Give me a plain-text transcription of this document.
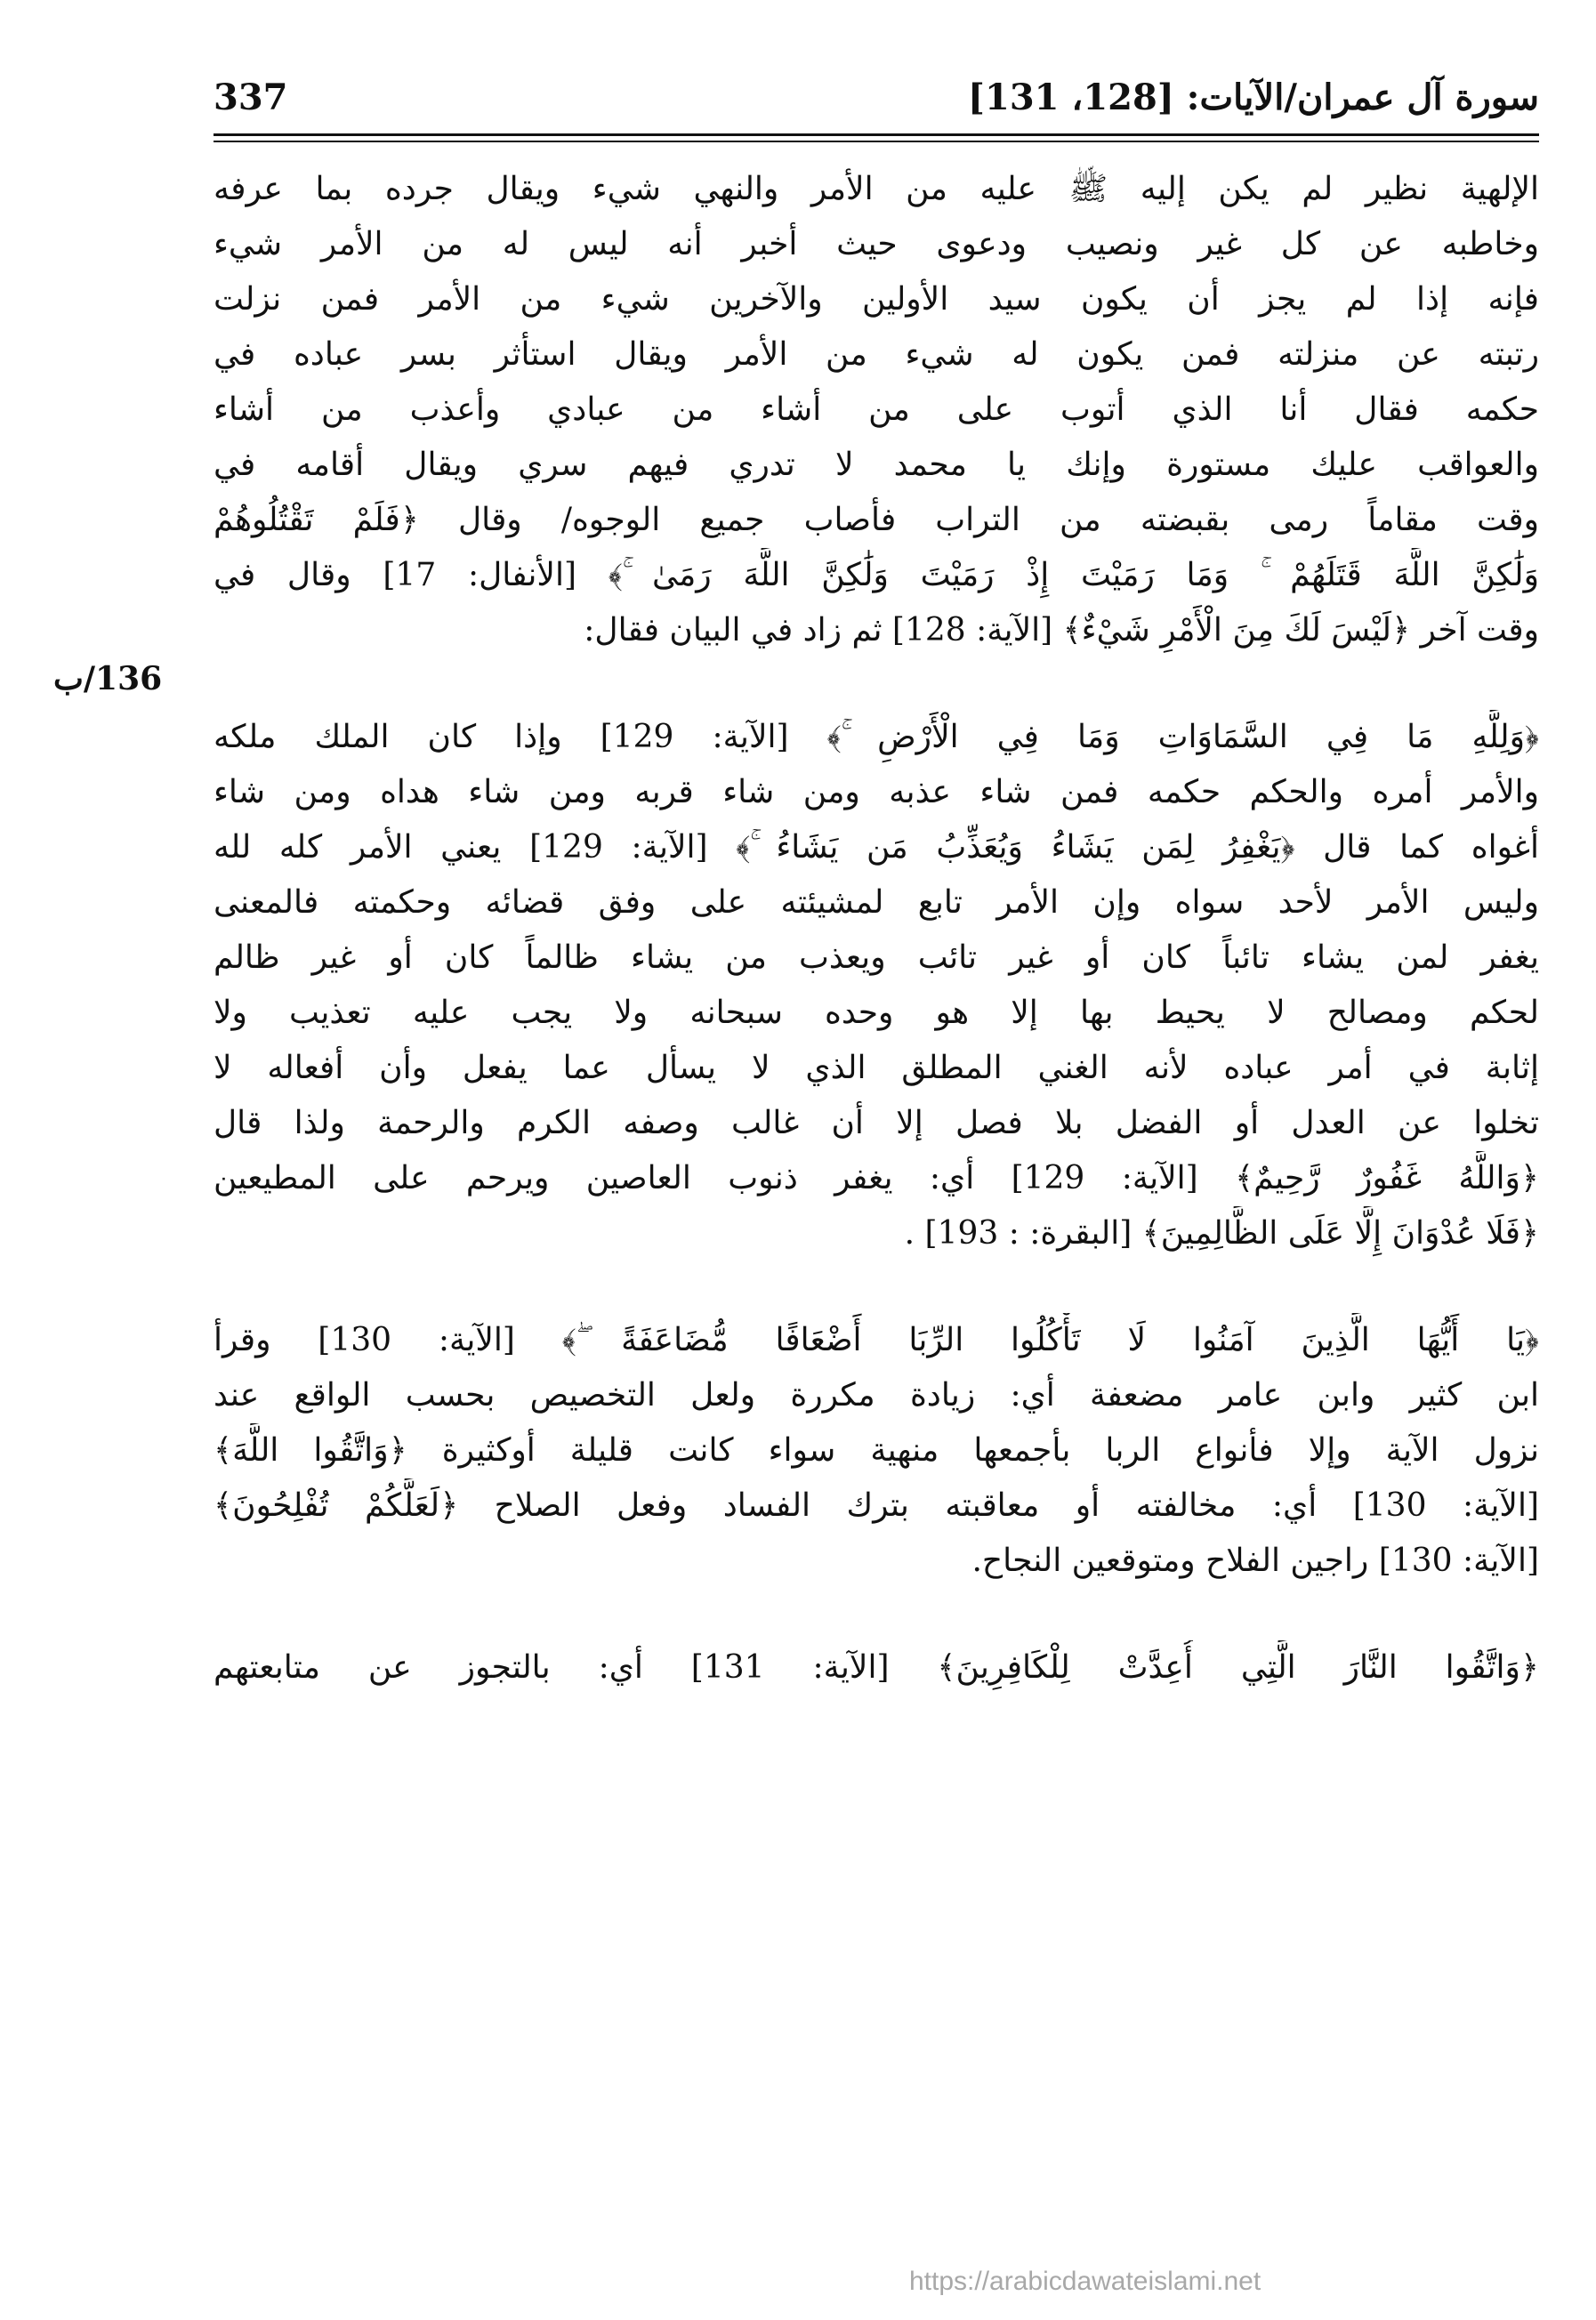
سورة آل عمران/الآيات: [128، 131]
337
136/ب
الإلهية نظير لم يكن إليه ﷺ عليه من الأمر والنهي شيء ويقال جرده بما عرفه
وخاطبه عن كل غير ونصيب ودعوى حيث أخبر أنه ليس له من الأمر شيء
فإنه إذا لم يجز أن يكون سيد الأولين والآخرين شيء من الأمر فمن نزلت
رتبته عن منزلته فمن يكون له شيء من الأمر ويقال استأثر بسر عباده في
حكمه فقال أنا الذي أتوب على من أشاء من عبادي وأعذب من أشاء
والعواقب عليك مستورة وإنك يا محمد لا تدري فيهم سري ويقال أقامه في
وقت مقاماً رمى بقبضته من التراب فأصاب جميع الوجوه/ وقال ﴿فَلَمْ تَقْتُلُوهُمْ
وَلَٰكِنَّ اللَّهَ قَتَلَهُمْ ۚ وَمَا رَمَيْتَ إِذْ رَمَيْتَ وَلَٰكِنَّ اللَّهَ رَمَىٰ ۚ﴾ [الأنفال: 17] وقال في
وقت آخر ﴿لَيْسَ لَكَ مِنَ الْأَمْرِ شَيْءٌ﴾ [الآية: 128] ثم زاد في البيان فقال:
﴿وَلِلَّهِ مَا فِي السَّمَاوَاتِ وَمَا فِي الْأَرْضِ ۚ﴾ [الآية: 129] وإذا كان الملك ملكه
والأمر أمره والحكم حكمه فمن شاء عذبه ومن شاء قربه ومن شاء هداه ومن شاء
أغواه كما قال ﴿يَغْفِرُ لِمَن يَشَاءُ وَيُعَذِّبُ مَن يَشَاءُ ۚ﴾ [الآية: 129] يعني الأمر كله لله
وليس الأمر لأحد سواه وإن الأمر تابع لمشيئته على وفق قضائه وحكمته فالمعنى
يغفر لمن يشاء تائباً كان أو غير تائب ويعذب من يشاء ظالماً كان أو غير ظالم
لحكم ومصالح لا يحيط بها إلا هو وحده سبحانه ولا يجب عليه تعذيب ولا
إثابة في أمر عباده لأنه الغني المطلق الذي لا يسأل عما يفعل وأن أفعاله لا
تخلوا عن العدل أو الفضل بلا فصل إلا أن غالب وصفه الكرم والرحمة ولذا قال
﴿وَاللَّهُ غَفُورٌ رَّحِيمٌ﴾ [الآية: 129] أي: يغفر ذنوب العاصين ويرحم على المطيعين
﴿فَلَا عُدْوَانَ إِلَّا عَلَى الظَّالِمِينَ﴾ [البقرة: : 193] .
﴿يَا أَيُّهَا الَّذِينَ آمَنُوا لَا تَأْكُلُوا الرِّبَا أَضْعَافًا مُّضَاعَفَةً ۖ﴾ [الآية: 130] وقرأ
ابن كثير وابن عامر مضعفة أي: زيادة مكررة ولعل التخصيص بحسب الواقع عند
نزول الآية وإلا فأنواع الربا بأجمعها منهية سواء كانت قليلة أوكثيرة ﴿وَاتَّقُوا اللَّهَ﴾
[الآية: 130] أي: مخالفته أو معاقبته بترك الفساد وفعل الصلاح ﴿لَعَلَّكُمْ تُفْلِحُونَ﴾
[الآية: 130] راجين الفلاح ومتوقعين النجاح.
﴿وَاتَّقُوا النَّارَ الَّتِي أُعِدَّتْ لِلْكَافِرِينَ﴾ [الآية: 131] أي: بالتجوز عن متابعتهم
https://arabicdawateislami.net
